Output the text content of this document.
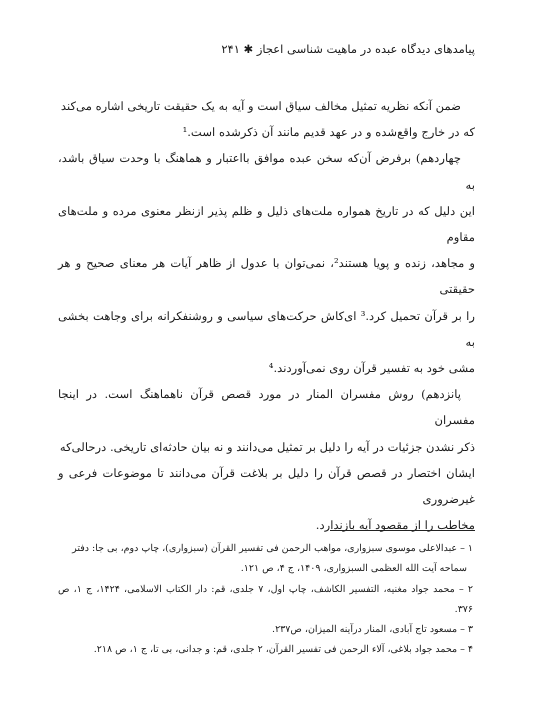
پیامدهای دیدگاه عبده در ماهیت شناسی اعجاز ✱ ۲۴۱

ضمن آنکه نظریه تمثیل مخالف سیاق است و آیه به یک حقیقت تاریخی اشاره می‌کند

که در خارج واقع‌شده و در عهد قدیم مانند آن ذکرشده است.¹

چهاردهم) برفرض آن‌که سخن عبده موافق بااعتبار و هماهنگ با وحدت سیاق باشد، به

این دلیل که در تاریخ همواره ملت‌های ذلیل و ظلم پذیر ازنظر معنوی مرده و ملت‌های مقاوم

و مجاهد، زنده و پویا هستند²، نمی‌توان با عدول از ظاهر آیات هر معنای صحیح و هر حقیقتی

را بر قرآن تحمیل کرد.³ ای‌کاش حرکت‌های سیاسی و روشنفکرانه برای وجاهت بخشی به

مشی خود به تفسیر قرآن روی نمی‌آوردند.⁴

پانزدهم) روش مفسران المنار در مورد قصص قرآن ناهماهنگ است. در اینجا مفسران

ذکر نشدن جزئیات در آیه را دلیل بر تمثیل می‌دانند و نه بیان حادثه‌ای تاریخی. درحالی‌که

ایشان اختصار در قصص قرآن را دلیل بر بلاغت قرآن می‌دانند تا موضوعات فرعی و غیرضروری

مخاطب را از مقصود آیه بازندارد.

۱ – عبدالاعلی موسوی سبزواری، مواهب الرحمن فی تفسیر القرآن (سبزواری)، چاپ دوم، بی جا: دفتر

سماحه آیت الله العظمی السبزواری، ۱۴۰۹، ج ۴، ص ۱۲۱.

۲ – محمد جواد مغنیه، التفسیر الکاشف، چاپ اول، ۷ جلدی، قم: دار الکتاب الاسلامی، ۱۴۲۴، ج ۱، ص ۳۷۶.

۳ – مسعود تاج آبادی، المنار درآینه المیزان، ص۲۳۷.

۴ – محمد جواد بلاغی، آلاء الرحمن فی تفسیر القرآن، ۲ جلدی، قم: و جدانی، بی تا، ج ۱، ص ۲۱۸.
